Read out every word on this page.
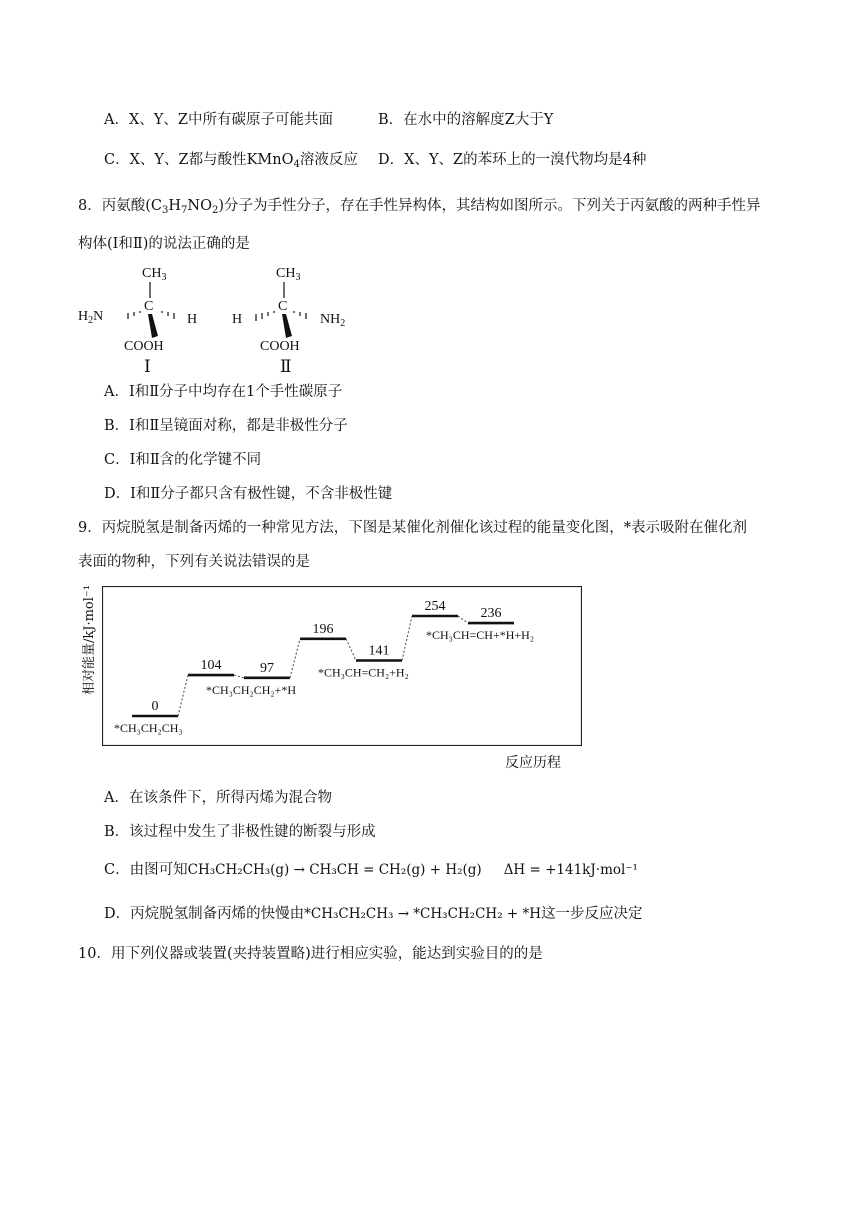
A．X、Y、Z中所有碳原子可能共面	B．在水中的溶解度Z大于Y
C．X、Y、Z都与酸性KMnO$_4$溶液反应 D．X、Y、Z的苯环上的一溴代物均是4种
8．丙氨酸$(C_3H_7NO_2)$分子为手性分子，存在手性异构体，其结构如图所示。下列关于丙氨酸的两种手性异
构体(Ⅰ和Ⅱ)的说法正确的是
$CH_3$
C
$H_2N$	H
COOH
Ⅰ
$CH_3$
C
H	$NH_2$
COOH
Ⅱ
A．Ⅰ和Ⅱ分子中均存在1个手性碳原子
B．Ⅰ和Ⅱ呈镜面对称，都是非极性分子
C．Ⅰ和Ⅱ含的化学键不同
D．Ⅰ和Ⅱ分子都只含有极性键，不含非极性键
9．丙烷脱氢是制备丙烯的一种常见方法，下图是某催化剂催化该过程的能量变化图，*表示吸附在催化剂
表面的物种，下列有关说法错误的是
0
*CH₃CH₂CH₃
104	97
*CH₃CH₂CH₂+*H
196
141
*CH₃CH=CH₂+H₂
254	236
*CH₃CH=CH+*H+H₂
相对能量/kJ·mol⁻¹
反应历程
A．在该条件下，所得丙烯为混合物
B．该过程中发生了非极性键的断裂与形成
C．由图可知CH₃CH₂CH₃(g) → CH₃CH = CH₂(g) + H₂(g) ΔH = +141kJ·mol⁻¹
D．丙烷脱氢制备丙烯的快慢由*CH₃CH₂CH₃ → *CH₃CH₂CH₂ + *H这一步反应决定
10．用下列仪器或装置(夹持装置略)进行相应实验，能达到实验目的的是
